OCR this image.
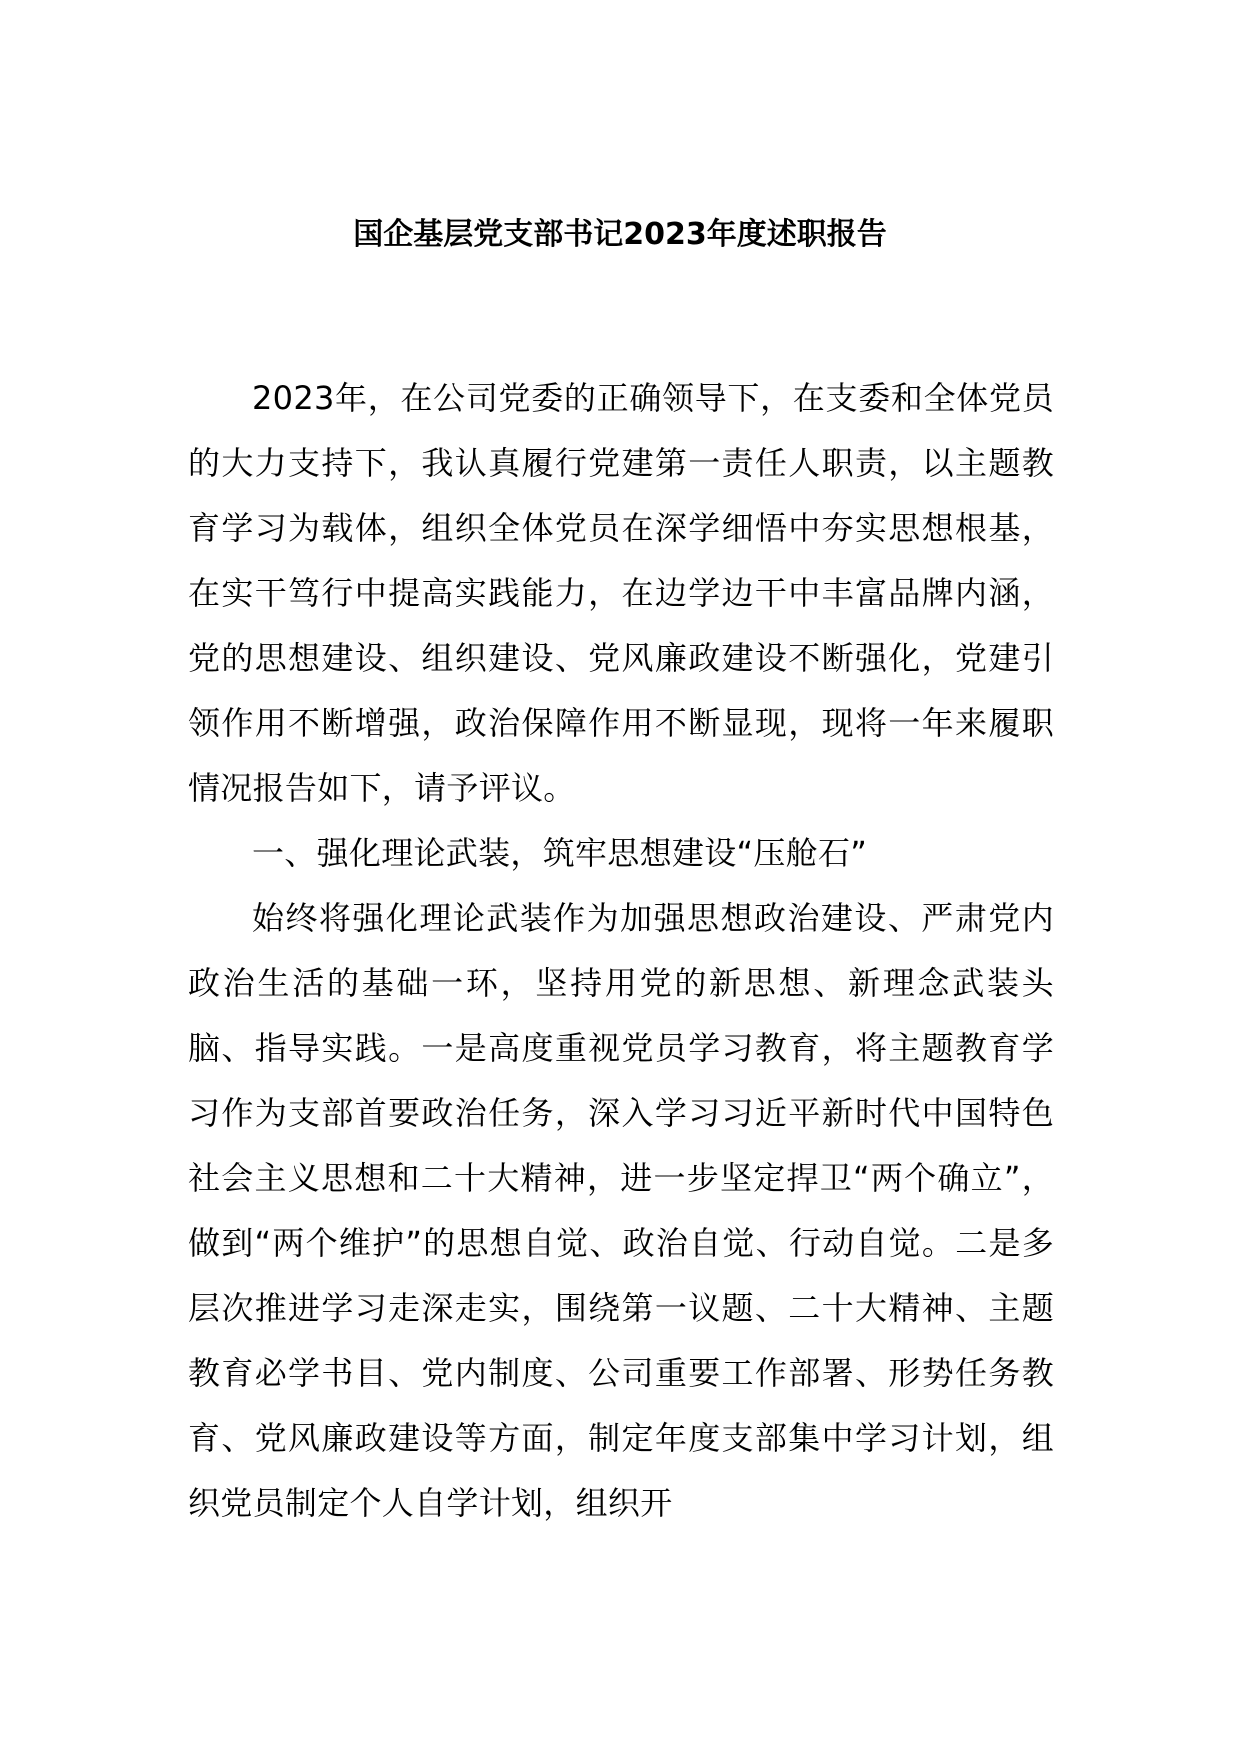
国企基层党支部书记2023年度述职报告

2023年，在公司党委的正确领导下，在支委和全体党员的大力支持下，我认真履行党建第一责任人职责，以主题教育学习为载体，组织全体党员在深学细悟中夯实思想根基，在实干笃行中提高实践能力，在边学边干中丰富品牌内涵，党的思想建设、组织建设、党风廉政建设不断强化，党建引领作用不断增强，政治保障作用不断显现，现将一年来履职情况报告如下，请予评议。

一、强化理论武装，筑牢思想建设“压舱石”

始终将强化理论武装作为加强思想政治建设、严肃党内政治生活的基础一环，坚持用党的新思想、新理念武装头脑、指导实践。一是高度重视党员学习教育，将主题教育学习作为支部首要政治任务，深入学习习近平新时代中国特色社会主义思想和二十大精神，进一步坚定捍卫“两个确立”，做到“两个维护”的思想自觉、政治自觉、行动自觉。二是多层次推进学习走深走实，围绕第一议题、二十大精神、主题教育必学书目、党内制度、公司重要工作部署、形势任务教育、党风廉政建设等方面，制定年度支部集中学习计划，组织党员制定个人自学计划，组织开
